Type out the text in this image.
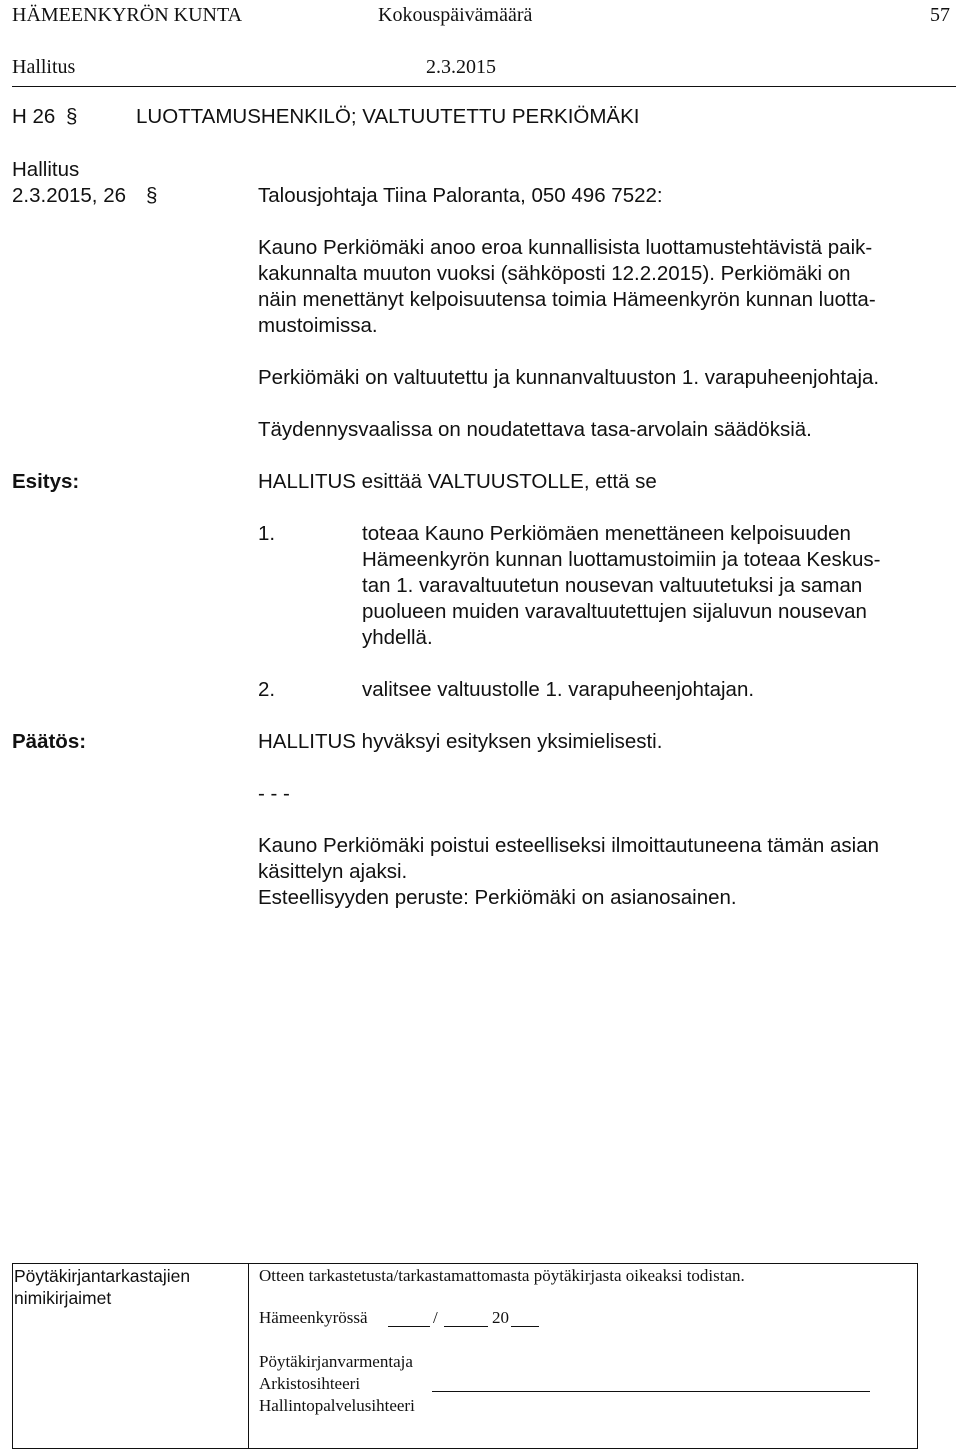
HÄMEENKYRÖN KUNTA	Kokouspäivämäärä	57
Hallitus	2.3.2015
H 26 §	LUOTTAMUSHENKILÖ; VALTUUTETTU PERKIÖMÄKI
Hallitus
2.3.2015, 26 §	Talousjohtaja Tiina Paloranta, 050 496 7522:
Kauno Perkiömäki anoo eroa kunnallisista luottamustehtävistä paik-
kakunnalta muuton vuoksi (sähköposti 12.2.2015). Perkiömäki on
näin menettänyt kelpoisuutensa toimia Hämeenkyrön kunnan luotta-
mustoimissa.
Perkiömäki on valtuutettu ja kunnanvaltuuston 1. varapuheenjohtaja.
Täydennysvaalissa on noudatettava tasa-arvolain säädöksiä.
Esitys:	HALLITUS esittää VALTUUSTOLLE, että se
1.	toteaa Kauno Perkiömäen menettäneen kelpoisuuden
Hämeenkyrön kunnan luottamustoimiin ja toteaa Keskus-
tan 1. varavaltuutetun nousevan valtuutetuksi ja saman
puolueen muiden varavaltuutettujen sijaluvun nousevan
yhdellä.
2.	valitsee valtuustolle 1. varapuheenjohtajan.
Päätös:	HALLITUS hyväksyi esityksen yksimielisesti.
- - -
Kauno Perkiömäki poistui esteelliseksi ilmoittautuneena tämän asian
käsittelyn ajaksi.
Esteellisyyden peruste: Perkiömäki on asianosainen.
Pöytäkirjantarkastajien
nimikirjaimet
Otteen tarkastetusta/tarkastamattomasta pöytäkirjasta oikeaksi todistan.
Hämeenkyrössä	/	20
Pöytäkirjanvarmentaja
Arkistosihteeri
Hallintopalvelusihteeri
